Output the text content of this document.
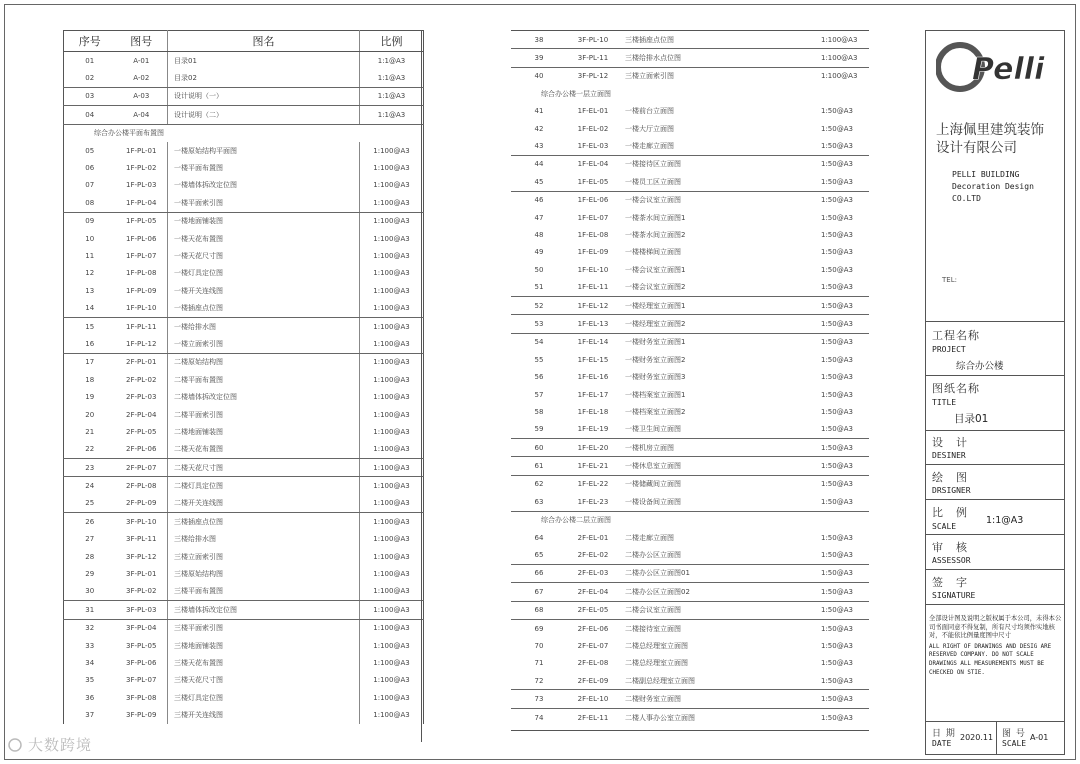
序号	图号	图名	比例
01	A-01	目录01	1:1@A3
02	A-02	目录02	1:1@A3
03	A-03	设计说明（一）	1:1@A3
04	A-04	设计说明（二）	1:1@A3
综合办公楼平面布置图			
05	1F-PL-01	一楼原始结构平面图	1:100@A3
06	1F-PL-02	一楼平面布置图	1:100@A3
07	1F-PL-03	一楼墙体拆改定位图	1:100@A3
08	1F-PL-04	一楼平面索引图	1:100@A3
09	1F-PL-05	一楼地面铺装图	1:100@A3
10	1F-PL-06	一楼天花布置图	1:100@A3
11	1F-PL-07	一楼天花尺寸图	1:100@A3
12	1F-PL-08	一楼灯具定位图	1:100@A3
13	1F-PL-09	一楼开关连线图	1:100@A3
14	1F-PL-10	一楼插座点位图	1:100@A3
15	1F-PL-11	一楼给排水图	1:100@A3
16	1F-PL-12	一楼立面索引图	1:100@A3
17	2F-PL-01	二楼原始结构图	1:100@A3
18	2F-PL-02	二楼平面布置图	1:100@A3
19	2F-PL-03	二楼墙体拆改定位图	1:100@A3
20	2F-PL-04	二楼平面索引图	1:100@A3
21	2F-PL-05	二楼地面铺装图	1:100@A3
22	2F-PL-06	二楼天花布置图	1:100@A3
23	2F-PL-07	二楼天花尺寸图	1:100@A3
24	2F-PL-08	二楼灯具定位图	1:100@A3
25	2F-PL-09	二楼开关连线图	1:100@A3
26	3F-PL-10	三楼插座点位图	1:100@A3
27	3F-PL-11	三楼给排水图	1:100@A3
28	3F-PL-12	三楼立面索引图	1:100@A3
29	3F-PL-01	三楼原始结构图	1:100@A3
30	3F-PL-02	三楼平面布置图	1:100@A3
31	3F-PL-03	三楼墙体拆改定位图	1:100@A3
32	3F-PL-04	三楼平面索引图	1:100@A3
33	3F-PL-05	三楼地面铺装图	1:100@A3
34	3F-PL-06	三楼天花布置图	1:100@A3
35	3F-PL-07	三楼天花尺寸图	1:100@A3
36	3F-PL-08	三楼灯具定位图	1:100@A3
37	3F-PL-09	三楼开关连线图	1:100@A3
38	3F-PL-10	三楼插座点位图	1:100@A3
39	3F-PL-11	三楼给排水点位图	1:100@A3
40	3F-PL-12	三楼立面索引图	1:100@A3
综合办公楼一层立面图			
41	1F-EL-01	一楼前台立面图	1:50@A3
42	1F-EL-02	一楼大厅立面图	1:50@A3
43	1F-EL-03	一楼走廊立面图	1:50@A3
44	1F-EL-04	一楼接待区立面图	1:50@A3
45	1F-EL-05	一楼员工区立面图	1:50@A3
46	1F-EL-06	一楼会议室立面图	1:50@A3
47	1F-EL-07	一楼茶水间立面图1	1:50@A3
48	1F-EL-08	一楼茶水间立面图2	1:50@A3
49	1F-EL-09	一楼楼梯间立面图	1:50@A3
50	1F-EL-10	一楼会议室立面图1	1:50@A3
51	1F-EL-11	一楼会议室立面图2	1:50@A3
52	1F-EL-12	一楼经理室立面图1	1:50@A3
53	1F-EL-13	一楼经理室立面图2	1:50@A3
54	1F-EL-14	一楼财务室立面图1	1:50@A3
55	1F-EL-15	一楼财务室立面图2	1:50@A3
56	1F-EL-16	一楼财务室立面图3	1:50@A3
57	1F-EL-17	一楼档案室立面图1	1:50@A3
58	1F-EL-18	一楼档案室立面图2	1:50@A3
59	1F-EL-19	一楼卫生间立面图	1:50@A3
60	1F-EL-20	一楼机房立面图	1:50@A3
61	1F-EL-21	一楼休息室立面图	1:50@A3
62	1F-EL-22	一楼储藏间立面图	1:50@A3
63	1F-EL-23	一楼设备间立面图	1:50@A3
综合办公楼二层立面图			
64	2F-EL-01	二楼走廊立面图	1:50@A3
65	2F-EL-02	二楼办公区立面图	1:50@A3
66	2F-EL-03	二楼办公区立面图01	1:50@A3
67	2F-EL-04	二楼办公区立面图02	1:50@A3
68	2F-EL-05	二楼会议室立面图	1:50@A3
69	2F-EL-06	二楼接待室立面图	1:50@A3
70	2F-EL-07	二楼总经理室立面图	1:50@A3
71	2F-EL-08	二楼总经理室立面图	1:50@A3
72	2F-EL-09	二楼副总经理室立面图	1:50@A3
73	2F-EL-10	二楼财务室立面图	1:50@A3
74	2F-EL-11	二楼人事办公室立面图	1:50@A3
Pelli
上海佩里建筑装饰
设计有限公司
PELLI BUILDING
Decoration Design
CO.LTD
TEL:
工程名称
PROJECT
综合办公楼
图纸名称
TITLE
目录01
设　计
DESINER
绘　图
DRSIGNER
比　例
SCALE
1:1@A3
审　核
ASSESSOR
签　字
SIGNATURE
全部设计图及说明之版权属于本公司，未得本公司书面同意不得复制，所有尺寸均须作实地核对，不能依比例量度图中尺寸
ALL RIGHT OF DRAWINGS AND DESIG ARE RESERVED COMPANY. DO NOT SCALE DRAWINGS ALL MEASUREMENTS MUST BE CHECKED ON STIE.
日 期
DATE
2020.11 图 号
SCALE
A-01
大数跨境
